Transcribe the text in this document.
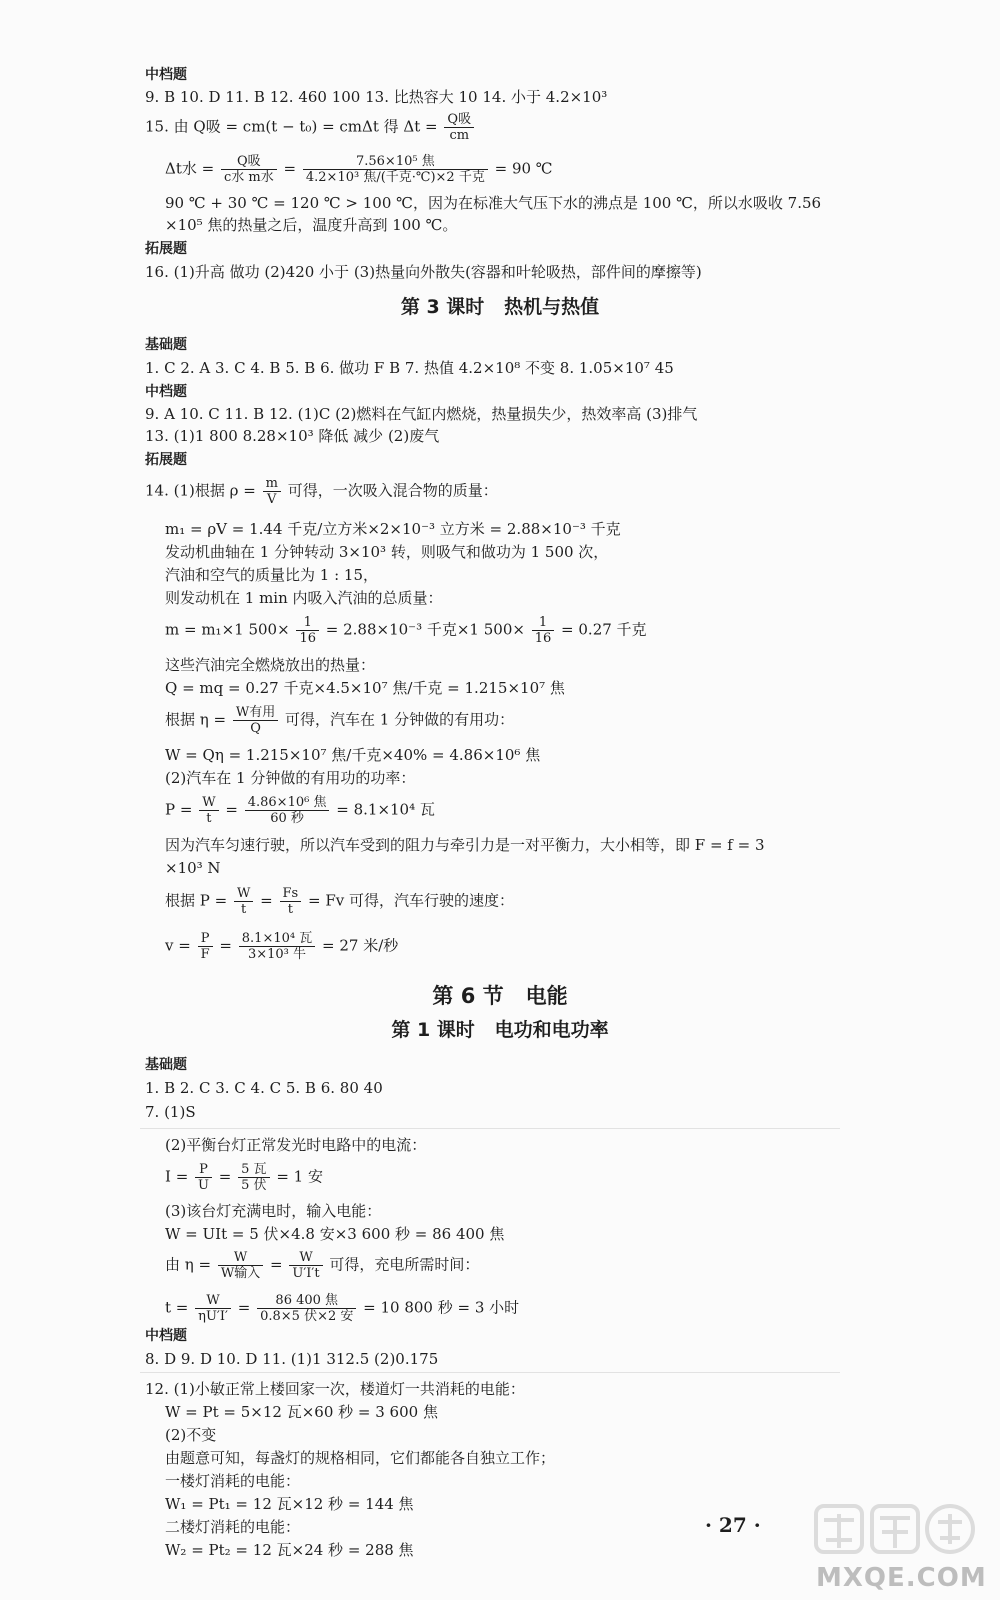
中档题
9. B 10. D 11. B 12. 460 100 13. 比热容大 10 14. 小于 4.2×10³
15. 由 Q吸 = cm(t − t₀) = cmΔt 得 $\Delta t = \frac{\text{Q吸}}{cm}$
Δt水 = $\frac{\text{Q吸}}{\text{c水 m水}} = \frac{\text{7.56×10⁵ 焦}}{\text{4.2×10³ 焦/(千克·℃)×2 千克}} = 90$ ℃
90 ℃ + 30 ℃ = 120 ℃ > 100 ℃，因为在标准大气压下水的沸点是 100 ℃，所以水吸收 7.56
×10⁵ 焦的热量之后，温度升高到 100 ℃。
拓展题
16. (1)升高 做功 (2)420 小于 (3)热量向外散失(容器和叶轮吸热，部件间的摩擦等)
第 3 课时   热机与热值
基础题
1. C 2. A 3. C 4. B 5. B 6. 做功 F B 7. 热值 4.2×10⁸ 不变 8. 1.05×10⁷ 45
中档题
9. A 10. C 11. B 12. (1)C (2)燃料在气缸内燃烧，热量损失少，热效率高 (3)排气
13. (1)1 800 8.28×10³ 降低 减少 (2)废气
拓展题
14. (1)根据 $\rho = \frac{m}{V}$ 可得，一次吸入混合物的质量：
m₁ = ρV = 1.44 千克/立方米×2×10⁻³ 立方米 = 2.88×10⁻³ 千克
发动机曲轴在 1 分钟转动 3×10³ 转，则吸气和做功为 1 500 次，
汽油和空气的质量比为 1 : 15，
则发动机在 1 min 内吸入汽油的总质量：
m = m₁×1 $500\times \frac{1}{16} = 2.88\times 10^{-3}$ 千克×1 $500\times \frac{1}{16} = 0.27$ 千克
这些汽油完全燃烧放出的热量：
Q = mq = 0.27 千克×4.5×10⁷ 焦/千克 = 1.215×10⁷ 焦
根据 $\eta = \frac{\text{W有用}}{Q}$ 可得，汽车在 1 分钟做的有用功：
W = Qη = 1.215×10⁷ 焦/千克×40% = 4.86×10⁶ 焦
(2)汽车在 1 分钟做的有用功的功率：
$P = \frac{W}{t} = \frac{\text{4.86×10⁶ 焦}}{\text{60 秒}} = 8.1\times 10^4$ 瓦
因为汽车匀速行驶，所以汽车受到的阻力与牵引力是一对平衡力，大小相等，即 F = f = 3
×10³ N
根据 $P = \frac{W}{t} = \frac{Fs}{t} = Fv$ 可得，汽车行驶的速度：
$v = \frac{P}{F} = \frac{\text{8.1×10⁴ 瓦}}{\text{3×10³ 牛}} = 27$ 米/秒
第 6 节   电能
第 1 课时   电功和电功率
基础题
1. B 2. C 3. C 4. C 5. B 6. 80 40
7. (1)S
(2)平衡台灯正常发光时电路中的电流：
$I = \frac{P}{U} = \frac{\text{5 瓦}}{\text{5 伏}} = 1$ 安
(3)该台灯充满电时，输入电能：
W = UIt = 5 伏×4.8 安×3 600 秒 = 86 400 焦
由 $\eta = \frac{W}{\text{W输入}} = \frac{W}{U'I't}$ 可得，充电所需时间：
$t = \frac{W}{\eta U'I'} = \frac{\text{86 400 焦}}{\text{0.8×5 伏×2 安}} = 10$ 800 秒 = 3 小时
中档题
8. D 9. D 10. D 11. (1)1 312.5 (2)0.175
12. (1)小敏正常上楼回家一次，楼道灯一共消耗的电能：
W = Pt = 5×12 瓦×60 秒 = 3 600 焦
(2)不变
由题意可知，每盏灯的规格相同，它们都能各自独立工作；
一楼灯消耗的电能：
W₁ = Pt₁ = 12 瓦×12 秒 = 144 焦
二楼灯消耗的电能：
W₂ = Pt₂ = 12 瓦×24 秒 = 288 焦
· 27 ·
MXQE.COM
